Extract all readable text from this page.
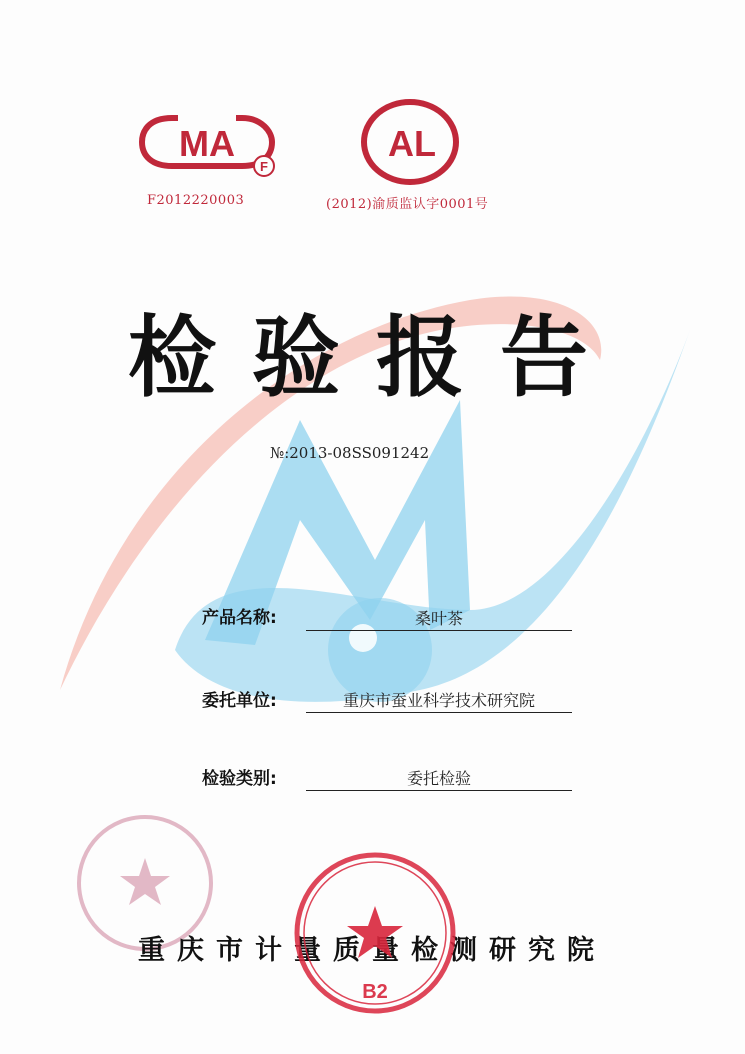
MA
F
F2012220003
AL
(2012)渝质监认字0001号
检验报告
№:2013-08SS091242
产品名称:	桑叶茶
委托单位:	重庆市蚕业科学技术研究院
检验类别:	委托检验
重庆市计量质量检测研究院
B2
